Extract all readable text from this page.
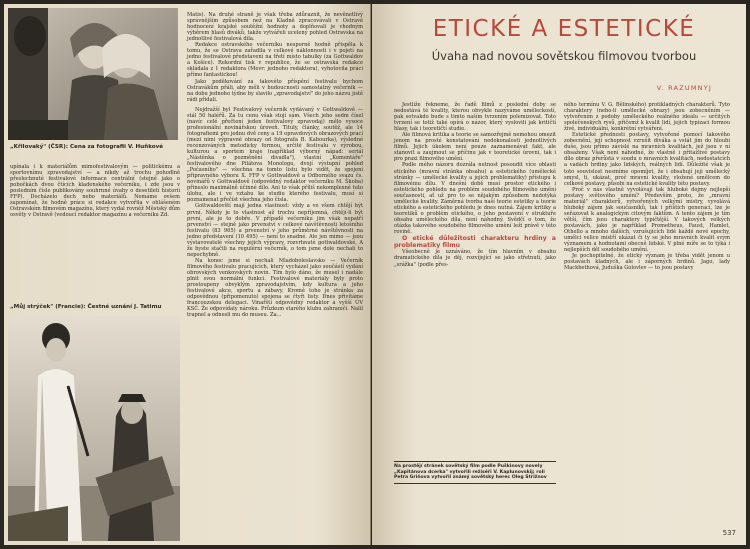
„Křilovaký" (ČSR): Cena za fotografii V. Huňkové

upínala i k materiálům mimofestivalovým — politickému a sportovnímu zpravodajství — a nikdy až trochu pohodlně přeslechnuté festivalové informace centrální (stejně jako o pobočkách dvou čtících kladenského večerníku, i zde jsou v posledním čísle publikovány souhrnné úvahy o desetiletí historii FFP). Docházelo dech nebo materiálů. Nemáme ovšem zapomínat, že hodně práce si redakce vytvořila v ohlášeném Ostravském filmovém magazínu, který vydal rovněž Městský dům osvěty v Ostravě (vedoucí redaktor magazínu a večerníku Zd.

„Můj strýček" (Francie): Čestné uznání J. Tatimu

Matis). Na druhé straně je však třeba zdůraznit, že nevěnetlivý správnějším způsobem než na Kladně zpracovávali v Ostravě hodnocení krajské soutěžní hodnoty a doplňovali je vhodným výběrem hlasů diváků, takže vytvářeli ucelený pohled Ostravska na jednotlivé festivalová díla.

Redakce ostravského večerníku nesporně hodně přispěla k tomu, že se Ostrava zařadila v celkové náklonnosti i v pojetí na jedno festivalové představení na třetí místo tabulky (za Gottwaldov a Košice). Rekordní tisk v republice, že se ostravská redakce skládala z 1 redaktora (Mevr: jednoho redaktora), vyhotovila práci přímo fantastickou!

Jako poděkování za takovéto příspění festivalu bychom Ostravákům přáli, aby měli v budoucnosti samostatný večerník — na dobu jednoho týdne by slavilo „zpravodajství" do jeho názvu jistě rádi přidali.

Nejdražší byl Festivalový večerník vydávaný v Gottwaldově — stál 50 haléřů. Za tu cenu však stojí sám. Všech jeho sedm čísel (navíc celé přečtení jeden festivalový zpravodaj) mělo vysoce profesionální novinářskou úroveň. Tituly, články, soutěž, ale 14 fotografiemi pro jednu dvě ceny a 19 opravdových obrazových prací (mezi nimi výpravné obrazy od fotografa B. Kabourka), výsledné recenzováných metodicky formou, určité festivalu v výrobou, kulturou a sportem kraje (například výborný nápad: seriál „Nástěnka o pozměnění divadla"), vlastní „Komentáře" festivalového dne Pilátova Monologu, dvojí výstupní pohled „Počasního" — všechna na tomto listu bylo vidět, že spojení připravného výboru X. FFP v Gottwaldově a Odborného svazu čs. novinářů v Gottwaldově (odpovědný redaktor večerníku M. Škoba) přineslo maximálně účinné dílo. Ani to však příliš nekomplexně tuto úlohu, ale i ve vztahu ke studiu kterého festivalu, musí si poznamenat přečíst všechna jeho čísla.

Gottwaldovští mají jedna vlastnost: vždy a ve všem chtějí být první. Někdy je to vlastnost až trochu nepříjemná, chtějí-li být první, ale je to dobře. V případě večerníku jim však nepatří prvenství — stejně jako prvenství v celkové návštěvnosti letošního festivalu (83 965) a prvenství v jeho průměrné návštěvnosti na jedno představení (10 495) — není to snadné. Ale jen mimo — jsou výstavovatelé všechny jejich výpravy, rozvrhnuté gottwaldovské, A že byste stačili na regulérní večerník, o tom jsme dole nechali to nepochybně.

Na konec jsme si nechali Mladoboleslavsko — Večerník filmového festivalu pracujících, který vycházel jako součástí vydání obrovských venkovských novin. Tím bylo dáno, že musel i nadále plnit svou normální funkci. Festivalové materiály byly proto prostoupeny obvyklým zpravodajstvím, kdy kultura a jeho festivalové akce, sportu a zábavy. Kromě toho je stránka za odpovědnou (připomenuto) spojena se čtyři listy. Dnes přivítáme francouzskou delegaci. Vinařští odpovědný redaktor a vyšší ÚV KSČ. Že odpovídaly nároku. Průzkum starého klubu zahraničí. Nalil trapnel a odnesli mu do museu. Za...

ETICKÉ A ESTETICKÉ
Úvaha nad novou sovětskou filmovou tvorbou
V. RAZUMNYJ

Jestliže řekneme, že řadě filmů z poslední doby se nedostává té kvality, kterou obvykle nazýváme uměleckostí, pak sotvakdo bude s timto naším tvrzením polemizovat. Toto tvrzení se totiž také opírá o názor, který vyslovili jak kritičtí hlasy, tak i teoretičtí studie.

Ale filmová kritika a teorie se samozřejmě nemohou omezit jenom na prosté konstatování nedokonalosti jednotlivých filmů. Jejich úkolem není pouze zaznamenávat fakt, ale stanovit a zaujmout se příčinu jak v teoretické úrovni, tak i pro praxi filmového umění.

Podle mého názoru dozrála nutnost posoudit více oblasti etického (mravní stránka obsahu) a estetického (umělecké stránky — umělecké kvality a jejich problematiky) přístupu k filmovému dílu. V dnešní době musí prostor etického i estetického pohledu na problém soudobého filmového umění současnosti, ať už pro to se nějakým způsobem nedotýká umělecké kvality. Záměrná tvorba naší teorie estetiky a teorie etického a estetického pohledu je dnes nutná. Zájem kritiky a teoretiků o problém etického, o jeho postavení v struktuře obsahu uměleckého díla, není náhodný. Svědčí o tom, že otázka takového soudobého filmového umění leží právě v této rovině.

O etické důležitosti charakteru hrdiny a problematiky filmu

Všeobecně je uznáváno, že tím hlavním v obsahu dramatického díla je děj, rozvíjející se jako střetnutí, jako „srážka" (podle přes-

Na prostějí stránek sovětský film podle Puškinovy novely „Kapitánova dcerka" vytvořili režiséři V. Kaplunovskij; roli Petra Griňova vytvořil známý sovětský herec Oleg Strižnov

ného termínu V. G. Bělinského) protikladných charakterů. Tyto charaktery (nebo-li umělecké obrazy) jsou zobecněním — vytvořením z podoby uměleckého reálného ideálu — určitých společenských rysů, přičemž k kvalit lidí, jejich typizaci formou živé, individuální, konkrétní vytváření.

Estetické přednosti postavy, vytvořené pomocí takového zobecnění, jeji schopnost vzrušit diváka a vstát jím do hloubi duše, jsou přímo závislé na mravních kvalitách, jež jsou v ní obsaženy. Však není náhodné, že vlastně i přitažlivé postavy dílo obraz přerůstá v soudu o mravních kvalitách, nedostatcích a vadách hrdiny jako lidských, reálných lidí. Důležité však je toto souvislost nesmíme opomíjet, že i obsahují jeji umělecký smysl, ti, ukázat, proč mravní kvality, vložené umělcem do celkové postavy, působí na estetické kvality této postavy.

Proč v nás vlastně vyvolávají tak hluboké dojmy nejlepší postavy světového umění? Především proto, že „mravní materiál" charakterů, vytvořených velkými mistry, vyvolává hluboký zájem jak současníků, tak i příštích generací, lze je seřazovat k analogickým citovým faktům. A tento zájem je tím větší, čím jsou charaktery typičtější. V takových velkých postavách, jako je například Prometheus, Faust, Hamlet, Othello a mnoho dalších, vzrušujících lidé každé nové epochy, umělci velice mistří ukázat či ty se jeho mravních kvalit svým významem a hodnotami obecně lidské. V plné míře se to týká i nejlepších děl soudobého umění.

Je pochopitelné, že etický význam je třeba vidět jenom u postavách kladných, ale i záporných hrdinů. Jago, lady Mackbethová, Juduška Golovlev — to jsou postavy

537
